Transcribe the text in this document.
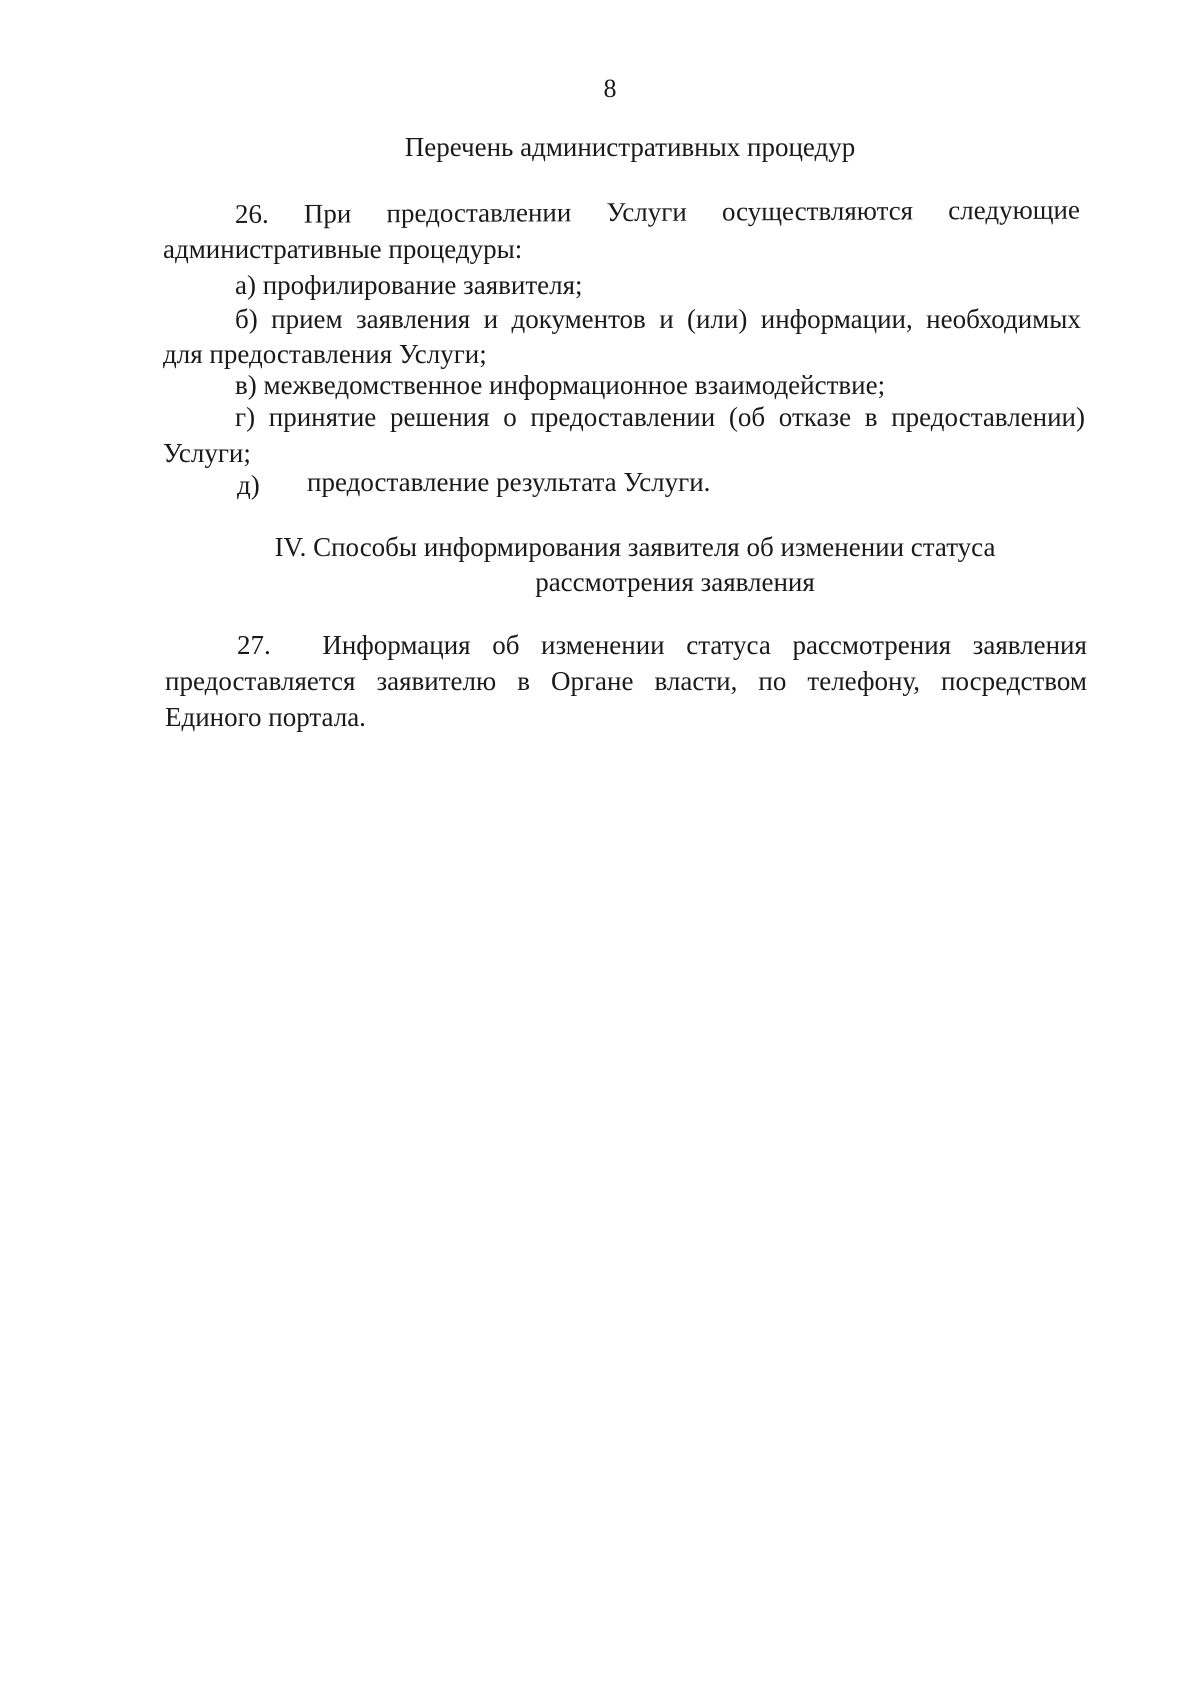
8
Перечень административных процедур
26. При предоставлении Услуги осуществляются следующие
административные процедуры:
а) профилирование заявителя;
б) прием заявления и документов и (или) информации, необходимых
для предоставления Услуги;
в) межведомственное информационное взаимодействие;
г) принятие решения о предоставлении (об отказе в предоставлении)
Услуги;
д) предоставление результата Услуги.
IV. Способы информирования заявителя об изменении статуса
рассмотрения заявления
27. Информация об изменении статуса рассмотрения заявления
предоставляется заявителю в Органе власти, по телефону, посредством
Единого портала.
